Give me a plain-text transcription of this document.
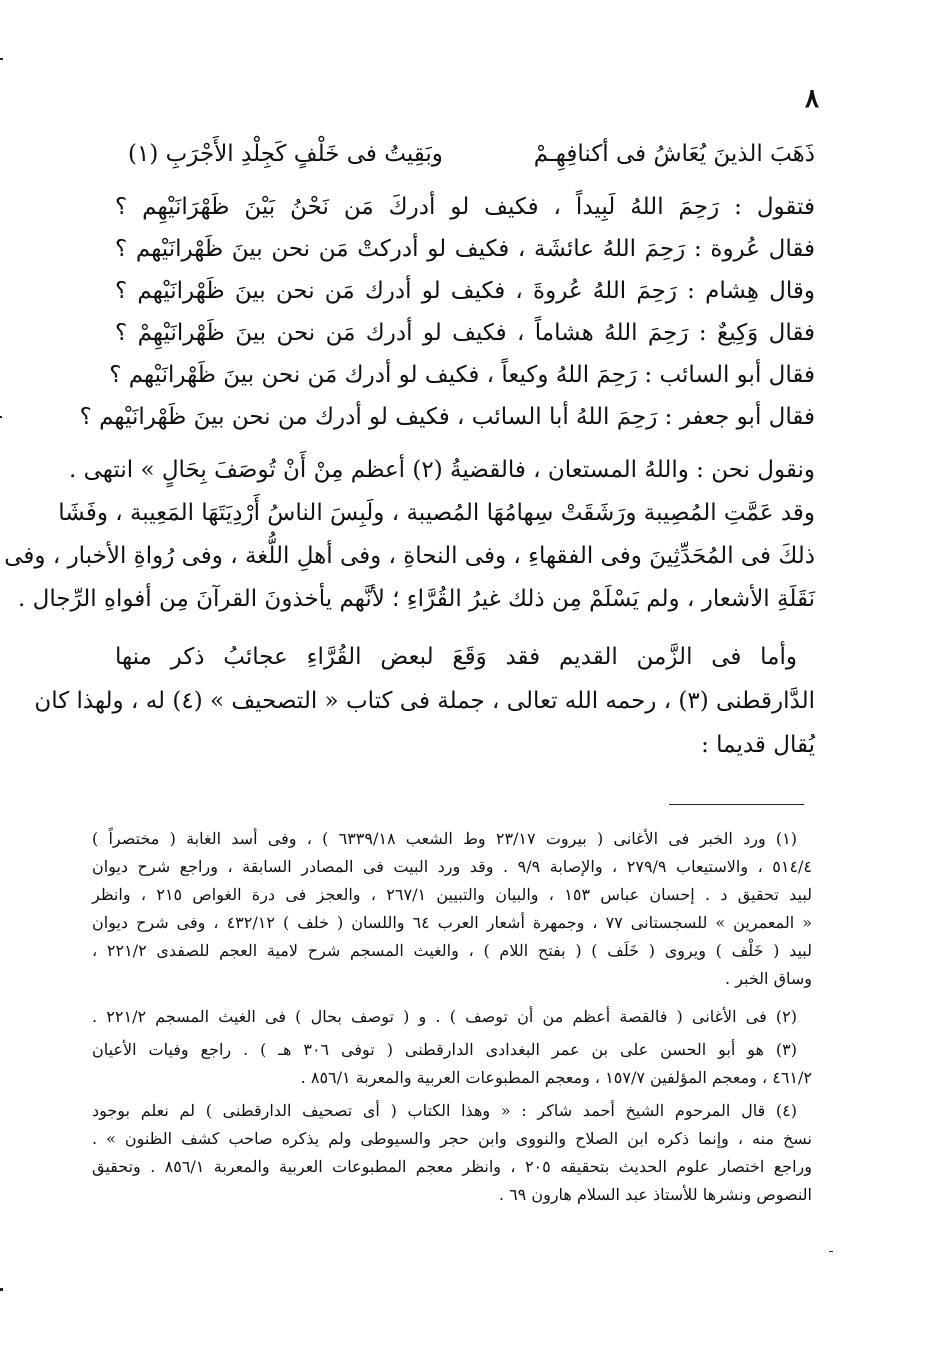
٨
ذَهَبَ الذينَ يُعَاشُ فى أكنافِهِـمْ
وبَقِيتُ فى خَلْفٍ كَجِلْدِ الأَجْرَبِ (١)
فتقول : رَحِمَ اللهُ لَبِيداً ، فكيف لو أدركَ مَن نَحْنُ بَيْنَ ظَهْرَانَيْهِم ؟
فقال عُروة : رَحِمَ اللهُ عائشَة ، فكيف لو أدركتْ مَن نحن بينَ ظَهْرانَيْهم ؟
وقال هِشام : رَحِمَ اللهُ عُروةَ ، فكيف لو أدرك مَن نحن بينَ ظَهْرانَيْهم ؟
فقال وَكِيعٌ : رَحِمَ اللهُ هشاماً ، فكيف لو أدرك مَن نحن بينَ ظَهْرانَيْهِمْ ؟
فقال أبو السائب : رَحِمَ اللهُ وكيعاً ، فكيف لو أدرك مَن نحن بينَ ظَهْرانَيْهم ؟
فقال أبو جعفر : رَحِمَ اللهُ أبا السائب ، فكيف لو أدرك من نحن بينَ ظَهْرانَيْهم ؟
ونقول نحن : واللهُ المستعان ، فالقضيةُ (٢) أعظم مِنْ أَنْ تُوصَفَ بِحَالٍ » انتهى .
وقد عَمَّتِ المُصِيبة ورَشَقَتْ سِهامُهَا المُصيبة ، ولَبِسَ الناسُ أَرْدِيَتَهَا المَعِيبة ، وفَشَا
ذلكَ فى المُحَدِّثِينَ وفى الفقهاءِ ، وفى النحاةِ ، وفى أهلِ اللُّغة ، وفى رُواةِ الأخبار ، وفى
نَقَلَةِ الأشعار ، ولم يَسْلَمْ مِن ذلك غيرُ القُرَّاءِ ؛ لأنَّهم يأخذونَ القرآنَ مِن أفواهِ الرِّجال .
وأما فى الزَّمن القديم فقد وَقَعَ لبعض القُرَّاءِ عجائبُ ذكر منها
الدَّارقطنى (٣) ، رحمه الله تعالى ، جملة فى كتاب « التصحيف » (٤) له ، ولهذا كان
يُقال قديما :
(١) ورد الخبر فى الأغانى ( بيروت ٢٣/١٧ وط الشعب ٦٣٣٩/١٨ ) ، وفى أسد الغابة ( مختصراً )
٥١٤/٤ ، والاستيعاب ٢٧٩/٩ ، والإصابة ٩/٩ . وقد ورد البيت فى المصادر السابقة ، وراجع شرح ديوان
لبيد تحقيق د . إحسان عباس ١٥٣ ، والبيان والتبيين ٢٦٧/١ ، والعجز فى درة الغواص ٢١٥ ، وانظر
« المعمرين » للسجستانى ٧٧ ، وجمهرة أشعار العرب ٦٤ واللسان ( خلف ) ٤٣٢/١٢ ، وفى شرح ديوان
لبيد ( خَلْف ) ويروى ( خَلَف ) ( بفتح اللام ) ، والغيث المسجم شرح لامية العجم للصفدى ٢٢١/٢ ،
وساق الخبر .
(٢) فى الأغانى ( فالقصة أعظم من أن توصف ) . و ( توصف بحال ) فى الغيث المسجم ٢٢١/٢ .
(٣) هو أبو الحسن على بن عمر البغدادى الدارقطنى ( توفى ٣٠٦ هـ ) . راجع وفيات الأعيان
٤٦١/٢ ، ومعجم المؤلفين ١٥٧/٧ ، ومعجم المطبوعات العربية والمعربة ٨٥٦/١ .
(٤) قال المرحوم الشيخ أحمد شاكر : « وهذا الكتاب ( أى تصحيف الدارقطنى ) لم نعلم بوجود
نسخ منه ، وإنما ذكره ابن الصلاح والنووى وابن حجر والسيوطى ولم يذكره صاحب كشف الظنون » .
وراجع اختصار علوم الحديث بتحقيقه ٢٠٥ ، وانظر معجم المطبوعات العربية والمعربة ٨٥٦/١ . وتحقيق
النصوص ونشرها للأستاذ عبد السلام هارون ٦٩ .
